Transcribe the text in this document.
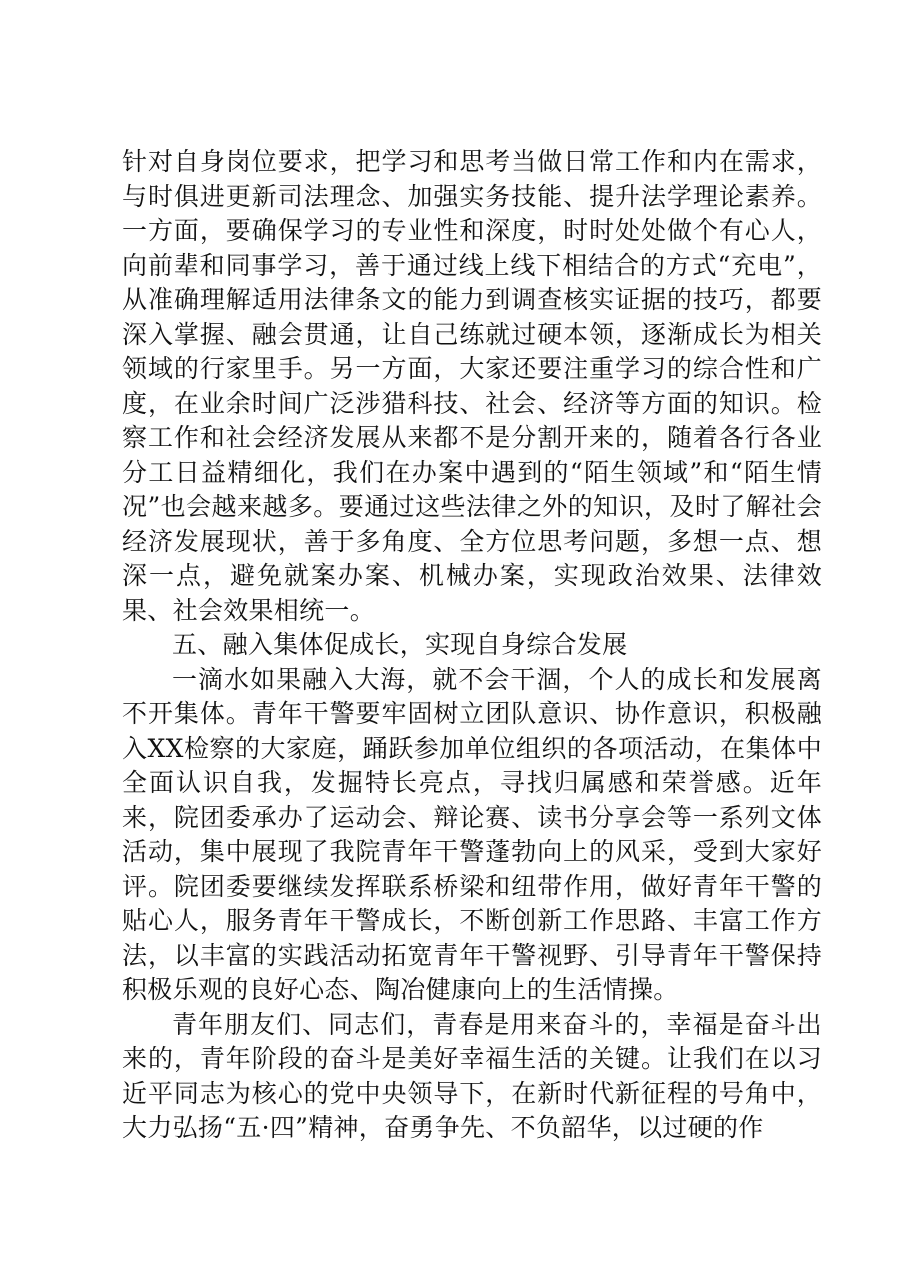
针对自身岗位要求，把学习和思考当做日常工作和内在需求，与时俱进更新司法理念、加强实务技能、提升法学理论素养。一方面，要确保学习的专业性和深度，时时处处做个有心人，向前辈和同事学习，善于通过线上线下相结合的方式“充电”，从准确理解适用法律条文的能力到调查核实证据的技巧，都要深入掌握、融会贯通，让自己练就过硬本领，逐渐成长为相关领域的行家里手。另一方面，大家还要注重学习的综合性和广度，在业余时间广泛涉猎科技、社会、经济等方面的知识。检察工作和社会经济发展从来都不是分割开来的，随着各行各业分工日益精细化，我们在办案中遇到的“陌生领域”和“陌生情况”也会越来越多。要通过这些法律之外的知识，及时了解社会经济发展现状，善于多角度、全方位思考问题，多想一点、想深一点，避免就案办案、机械办案，实现政治效果、法律效果、社会效果相统一。

五、融入集体促成长，实现自身综合发展

一滴水如果融入大海，就不会干涸，个人的成长和发展离不开集体。青年干警要牢固树立团队意识、协作意识，积极融入XX检察的大家庭，踊跃参加单位组织的各项活动，在集体中全面认识自我，发掘特长亮点，寻找归属感和荣誉感。近年来，院团委承办了运动会、辩论赛、读书分享会等一系列文体活动，集中展现了我院青年干警蓬勃向上的风采，受到大家好评。院团委要继续发挥联系桥梁和纽带作用，做好青年干警的贴心人，服务青年干警成长，不断创新工作思路、丰富工作方法，以丰富的实践活动拓宽青年干警视野、引导青年干警保持积极乐观的良好心态、陶冶健康向上的生活情操。

青年朋友们、同志们，青春是用来奋斗的，幸福是奋斗出来的，青年阶段的奋斗是美好幸福生活的关键。让我们在以习近平同志为核心的党中央领导下，在新时代新征程的号角中，大力弘扬“五·四”精神，奋勇争先、不负韶华，以过硬的作
